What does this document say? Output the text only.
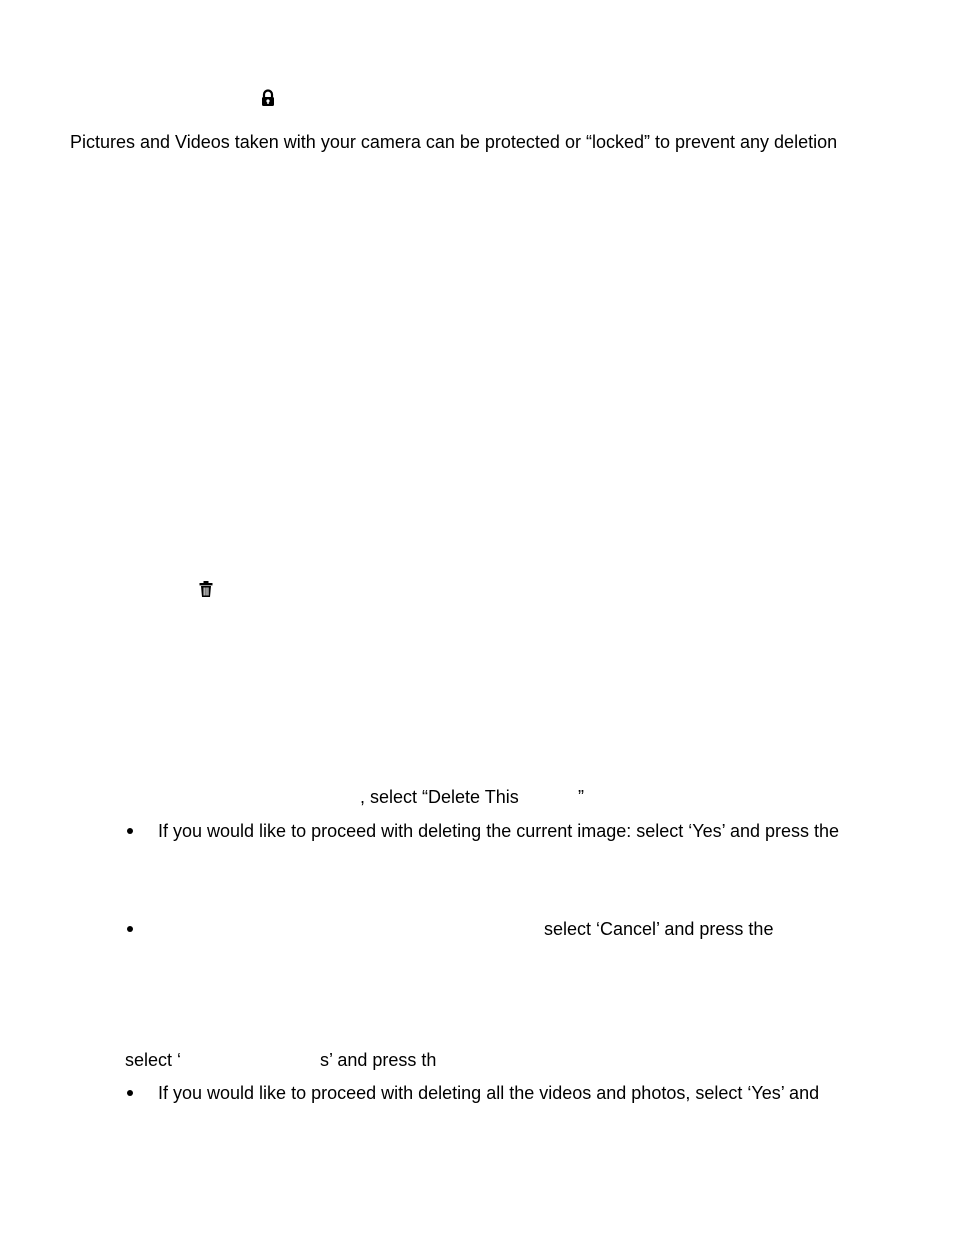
Pictures and Videos taken with your camera can be protected or “locked” to prevent any deletion

, select “Delete This	”

If you would like to proceed with deleting the current image: select ‘Yes’ and press the

select ‘Cancel’ and press the

select ‘	s’ and press th

If you would like to proceed with deleting all the videos and photos, select ‘Yes’ and
